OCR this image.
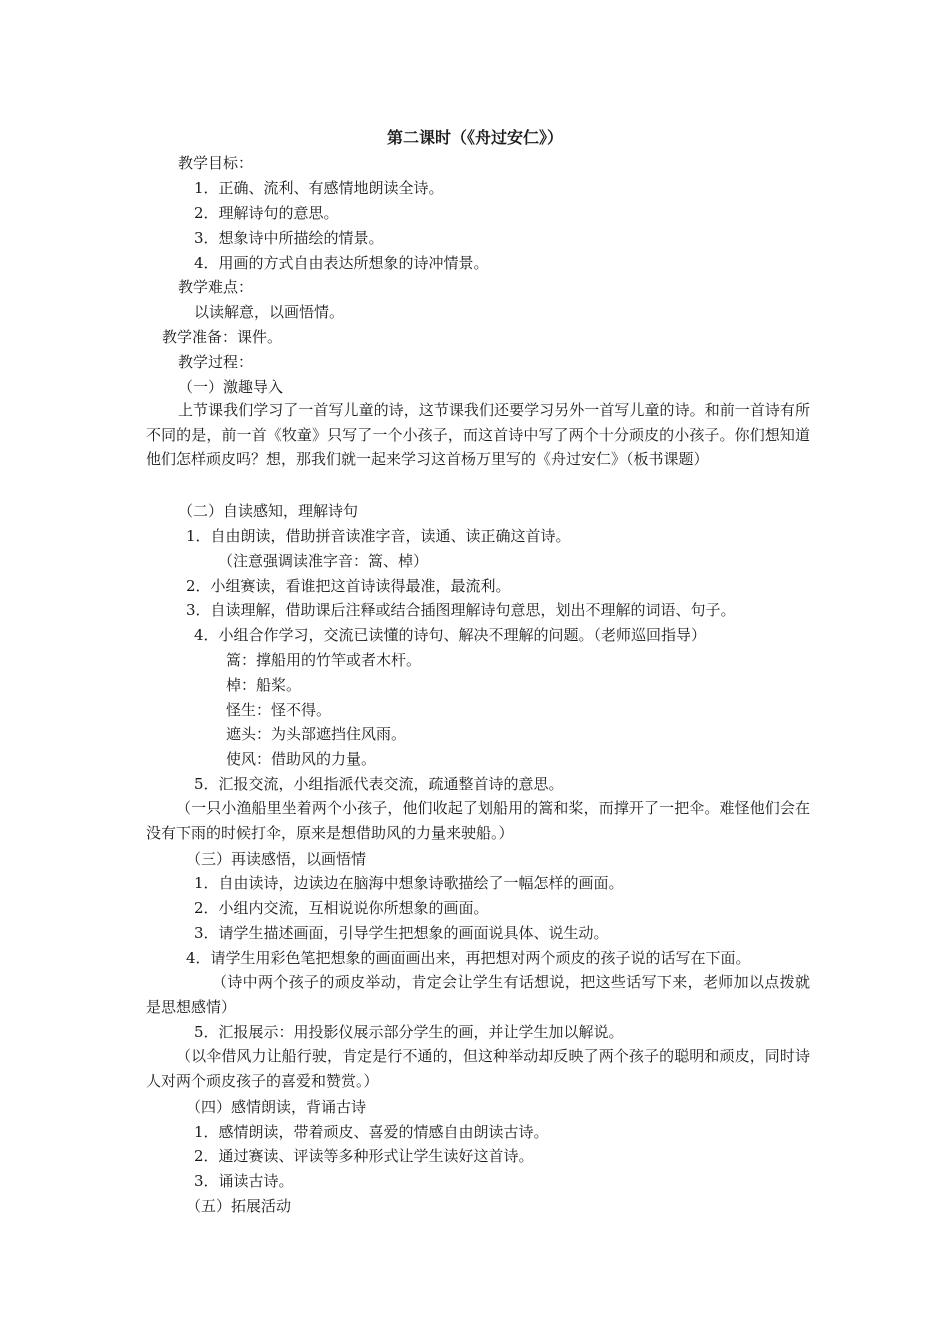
第二课时（《舟过安仁》）
教学目标：
1．正确、流利、有感情地朗读全诗。
2．理解诗句的意思。
3．想象诗中所描绘的情景。
4．用画的方式自由表达所想象的诗冲情景。
教学难点：
以读解意，以画悟情。
教学准备：课件。
教学过程：
（一）激趣导入
上节课我们学习了一首写儿童的诗，这节课我们还要学习另外一首写儿童的诗。和前一首诗有所不同的是，前一首《牧童》只写了一个小孩子，而这首诗中写了两个十分顽皮的小孩子。你们想知道他们怎样顽皮吗？想，那我们就一起来学习这首杨万里写的《舟过安仁》（板书课题）
（二）自读感知，理解诗句
1．自由朗读，借助拼音读准字音，读通、读正确这首诗。
（注意强调读准字音：篙、棹）
2．小组赛读，看谁把这首诗读得最准，最流利。
3．自读理解，借助课后注释或结合插图理解诗句意思，划出不理解的词语、句子。
4．小组合作学习，交流已读懂的诗句、解决不理解的问题。（老师巡回指导）
篙：撑船用的竹竿或者木杆。
棹：船桨。
怪生：怪不得。
遮头：为头部遮挡住风雨。
使风：借助风的力量。
5．汇报交流，小组指派代表交流，疏通整首诗的意思。
（一只小渔船里坐着两个小孩子，他们收起了划船用的篙和桨，而撑开了一把伞。难怪他们会在没有下雨的时候打伞，原来是想借助风的力量来驶船。）
（三）再读感悟，以画悟情
1．自由读诗，边读边在脑海中想象诗歌描绘了一幅怎样的画面。
2．小组内交流，互相说说你所想象的画面。
3．请学生描述画面，引导学生把想象的画面说具体、说生动。
4．请学生用彩色笔把想象的画面画出来，再把想对两个顽皮的孩子说的话写在下面。
（诗中两个孩子的顽皮举动，肯定会让学生有话想说，把这些话写下来，老师加以点拨就是思想感情）
5．汇报展示：用投影仪展示部分学生的画，并让学生加以解说。
（以伞借风力让船行驶，肯定是行不通的，但这种举动却反映了两个孩子的聪明和顽皮，同时诗人对两个顽皮孩子的喜爱和赞赏。）
（四）感情朗读，背诵古诗
1．感情朗读，带着顽皮、喜爱的情感自由朗读古诗。
2．通过赛读、评读等多种形式让学生读好这首诗。
3．诵读古诗。
（五）拓展活动
